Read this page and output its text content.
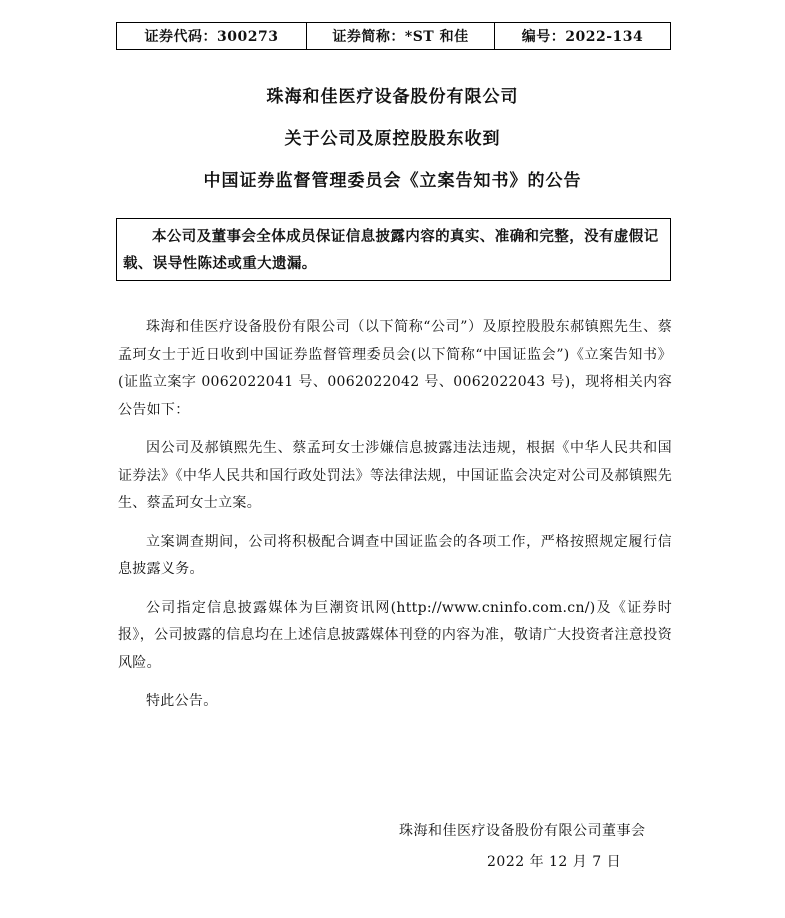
证券代码：300273	证券简称：*ST 和佳	编号：2022-134
珠海和佳医疗设备股份有限公司
关于公司及原控股股东收到
中国证券监督管理委员会《立案告知书》的公告

本公司及董事会全体成员保证信息披露内容的真实、准确和完整，没有虚假记载、误导性陈述或重大遗漏。

珠海和佳医疗设备股份有限公司（以下简称“公司”）及原控股股东郝镇熙先生、蔡孟珂女士于近日收到中国证券监督管理委员会(以下简称“中国证监会”)《立案告知书》(证监立案字 0062022041 号、0062022042 号、0062022043 号)，现将相关内容公告如下：

因公司及郝镇熙先生、蔡孟珂女士涉嫌信息披露违法违规，根据《中华人民共和国证券法》《中华人民共和国行政处罚法》等法律法规，中国证监会决定对公司及郝镇熙先生、蔡孟珂女士立案。

立案调查期间，公司将积极配合调查中国证监会的各项工作，严格按照规定履行信息披露义务。

公司指定信息披露媒体为巨潮资讯网(http://www.cninfo.com.cn/)及《证券时报》，公司披露的信息均在上述信息披露媒体刊登的内容为准，敬请广大投资者注意投资风险。

特此公告。

珠海和佳医疗设备股份有限公司董事会
2022 年 12 月 7 日
